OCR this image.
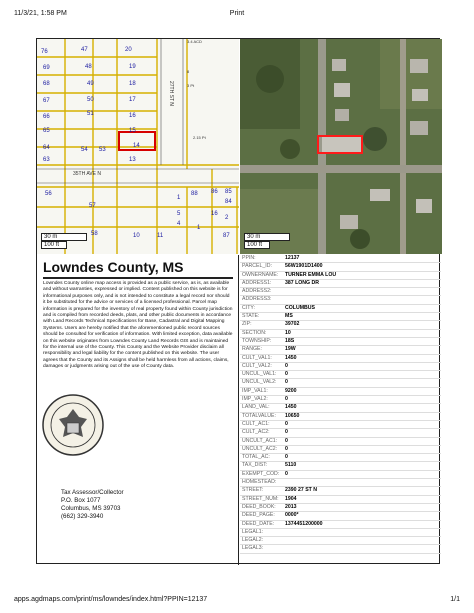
11/3/21, 1:58 PM	Print
3.4 ACD
8
3 Pt
2.15 Pt
35TH AVE N
27TH ST N
76	47	20
69	48	19
68	49	18
67	50	17
66	51	16
65	15
64	54 53
14
63	13
88 86 85
84
56
57
1
5
4
58	87
10	11
1
16
2
30 m
100 ft
30 m
100 ft
Lowndes County, MS
Lowndes County online map access is provided as a public service, as is, as available and without warranties, expressed or implied. Content published on this website is for informational purposes only, and is not intended to constitute a legal record nor should it be substituted for the advice or services of a licensed professional. Parcel map information is prepared for the inventory of real property found within County jurisdiction and is compiled from recorded deeds, plats, and other public documents in accordance with Land Records Technical Specifications for Base, Cadastral and Digital Mapping Systems. Users are hereby notified that the aforementioned public record sources should be consulted for verification of information. With limited exception, data available on this website originates from Lowndes County Land Records GIS and is maintained for the internal use of the County. This County and the Website Provider disclaim all responsibility and legal liability for the content published on this website. The user agrees that the County and its Assigns shall be held harmless from all actions, claims, damages or judgments arising out of the use of County data.
Tax Assessor/Collector
P.O. Box 1077
Columbus, MS 39703
(662) 329-3940
PPIN:	12137
PARCEL_ID:	56W1901D1400
OWNERNAME: TURNER EMMA LOU
ADDRESS1:	387 LONG DR
ADDRESS2:
ADDRESS3:
CITY:	COLUMBUS
STATE:	MS
ZIP:	39702
SECTION:	10
TOWNSHIP:	18S
RANGE:	19W
CULT_VAL1:	1450
CULT_VAL2:	0
UNCUL_VAL1: 0
UNCUL_VAL2: 0
IMP_VAL1:	9200
IMP_VAL2:	0
LAND_VAL:	1450
TOTALVALUE: 10650
CULT_AC1:	0
CULT_AC2:	0
UNCULT_AC1: 0
UNCULT_AC2: 0
TOTAL_AC:	0
TAX_DIST:	5110
EXEMPT_COD: 0
HOMESTEAD:
STREET:	2390 27 ST N
STREET_NUM: 1904
DEED_BOOK: 2013
DEED_PAGE: 0000*
DEED_DATE: 1374451200000
LEGAL1:
LEGAL2:
LEGAL3:
apps.agdmaps.com/print/ms/lowndes/index.html?PPIN=12137	1/1
